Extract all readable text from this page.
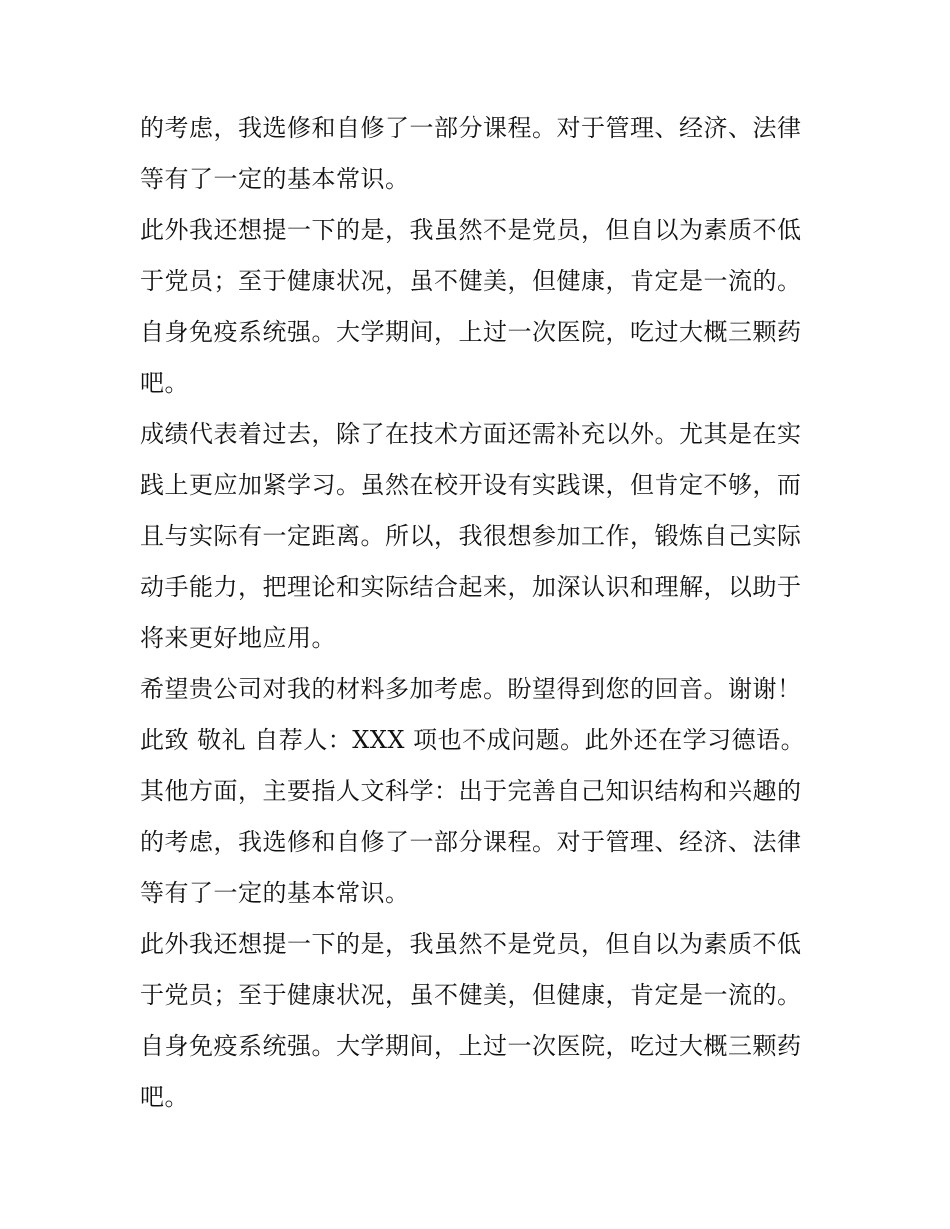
的考虑，我选修和自修了一部分课程。对于管理、经济、法律
等有了一定的基本常识。
此外我还想提一下的是，我虽然不是党员，但自以为素质不低
于党员；至于健康状况，虽不健美，但健康，肯定是一流的。
自身免疫系统强。大学期间，上过一次医院，吃过大概三颗药
吧。
成绩代表着过去，除了在技术方面还需补充以外。尤其是在实
践上更应加紧学习。虽然在校开设有实践课，但肯定不够，而
且与实际有一定距离。所以，我很想参加工作，锻炼自己实际
动手能力，把理论和实际结合起来，加深认识和理解，以助于
将来更好地应用。
希望贵公司对我的材料多加考虑。盼望得到您的回音。谢谢！
此致 敬礼 自荐人：XXX 项也不成问题。此外还在学习德语。
其他方面，主要指人文科学：出于完善自己知识结构和兴趣的
的考虑，我选修和自修了一部分课程。对于管理、经济、法律
等有了一定的基本常识。
此外我还想提一下的是，我虽然不是党员，但自以为素质不低
于党员；至于健康状况，虽不健美，但健康，肯定是一流的。
自身免疫系统强。大学期间，上过一次医院，吃过大概三颗药
吧。
